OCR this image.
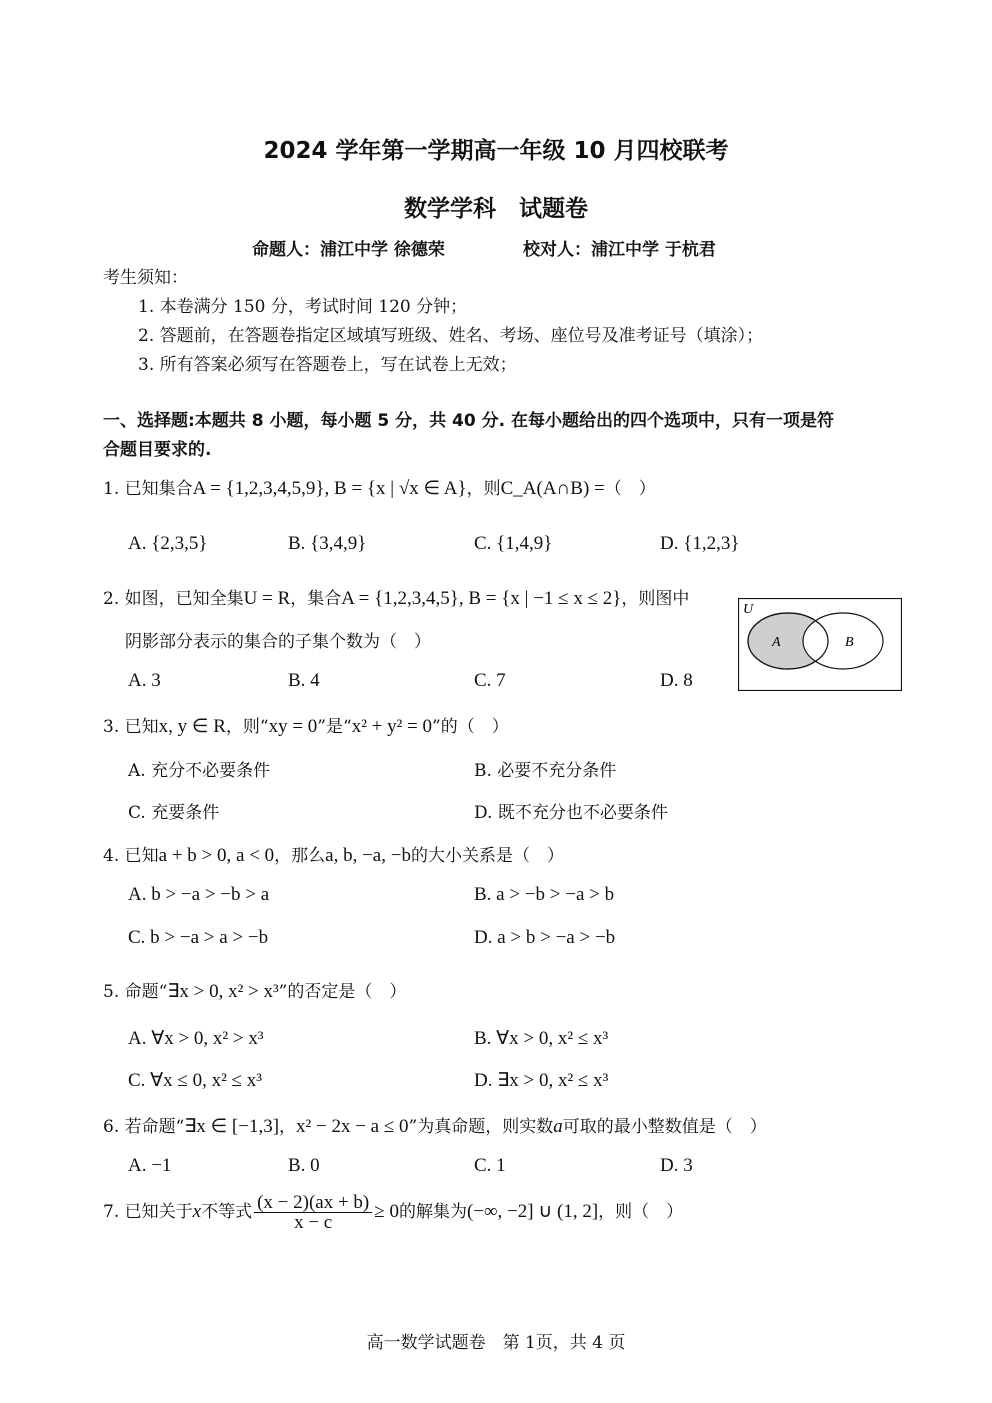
2024 学年第一学期高一年级 10 月四校联考
数学学科　试题卷
命题人：浦江中学 徐德荣	校对人：浦江中学 于杭君
考生须知：
1. 本卷满分 150 分，考试时间 120 分钟；
2. 答题前，在答题卷指定区域填写班级、姓名、考场、座位号及准考证号（填涂）；
3. 所有答案必须写在答题卷上，写在试卷上无效；
一、选择题:本题共 8 小题，每小题 5 分，共 40 分. 在每小题给出的四个选项中，只有一项是符
合题目要求的.
1. 已知集合A = {1,2,3,4,5,9}, B = {x | √x ∈ A}，则C_A(A∩B) =（　）
A. {2,3,5}	B. {3,4,9}	C. {1,4,9}	D. {1,2,3}
2. 如图，已知全集U = R，集合A = {1,2,3,4,5}, B = {x | −1 ≤ x ≤ 2}，则图中
阴影部分表示的集合的子集个数为（　）
A. 3	B. 4	C. 7	D. 8
U
A	B
3. 已知x, y ∈ R，则“xy = 0”是“x² + y² = 0”的（　）
A. 充分不必要条件	B. 必要不充分条件
C. 充要条件	D. 既不充分也不必要条件
4. 已知a + b > 0, a < 0，那么a, b, −a, −b的大小关系是（　）
A. b > −a > −b > a	B. a > −b > −a > b
C. b > −a > a > −b	D. a > b > −a > −b
5. 命题“∃x > 0, x² > x³”的否定是（　）
A. ∀x > 0, x² > x³	B. ∀x > 0, x² ≤ x³
C. ∀x ≤ 0, x² ≤ x³	D. ∃x > 0, x² ≤ x³
6. 若命题“∃x ∈ [−1,3]，x² − 2x − a ≤ 0”为真命题，则实数a可取的最小整数值是（　）
A. −1	B. 0	C. 1	D. 3
7. 已知关于x不等式 $\frac{(x - 2)(ax + b)}{x - c} \ge 0$的解集为(−∞, −2] ∪ (1, 2]，则（　）
高一数学试题卷　第 1页，共 4 页
